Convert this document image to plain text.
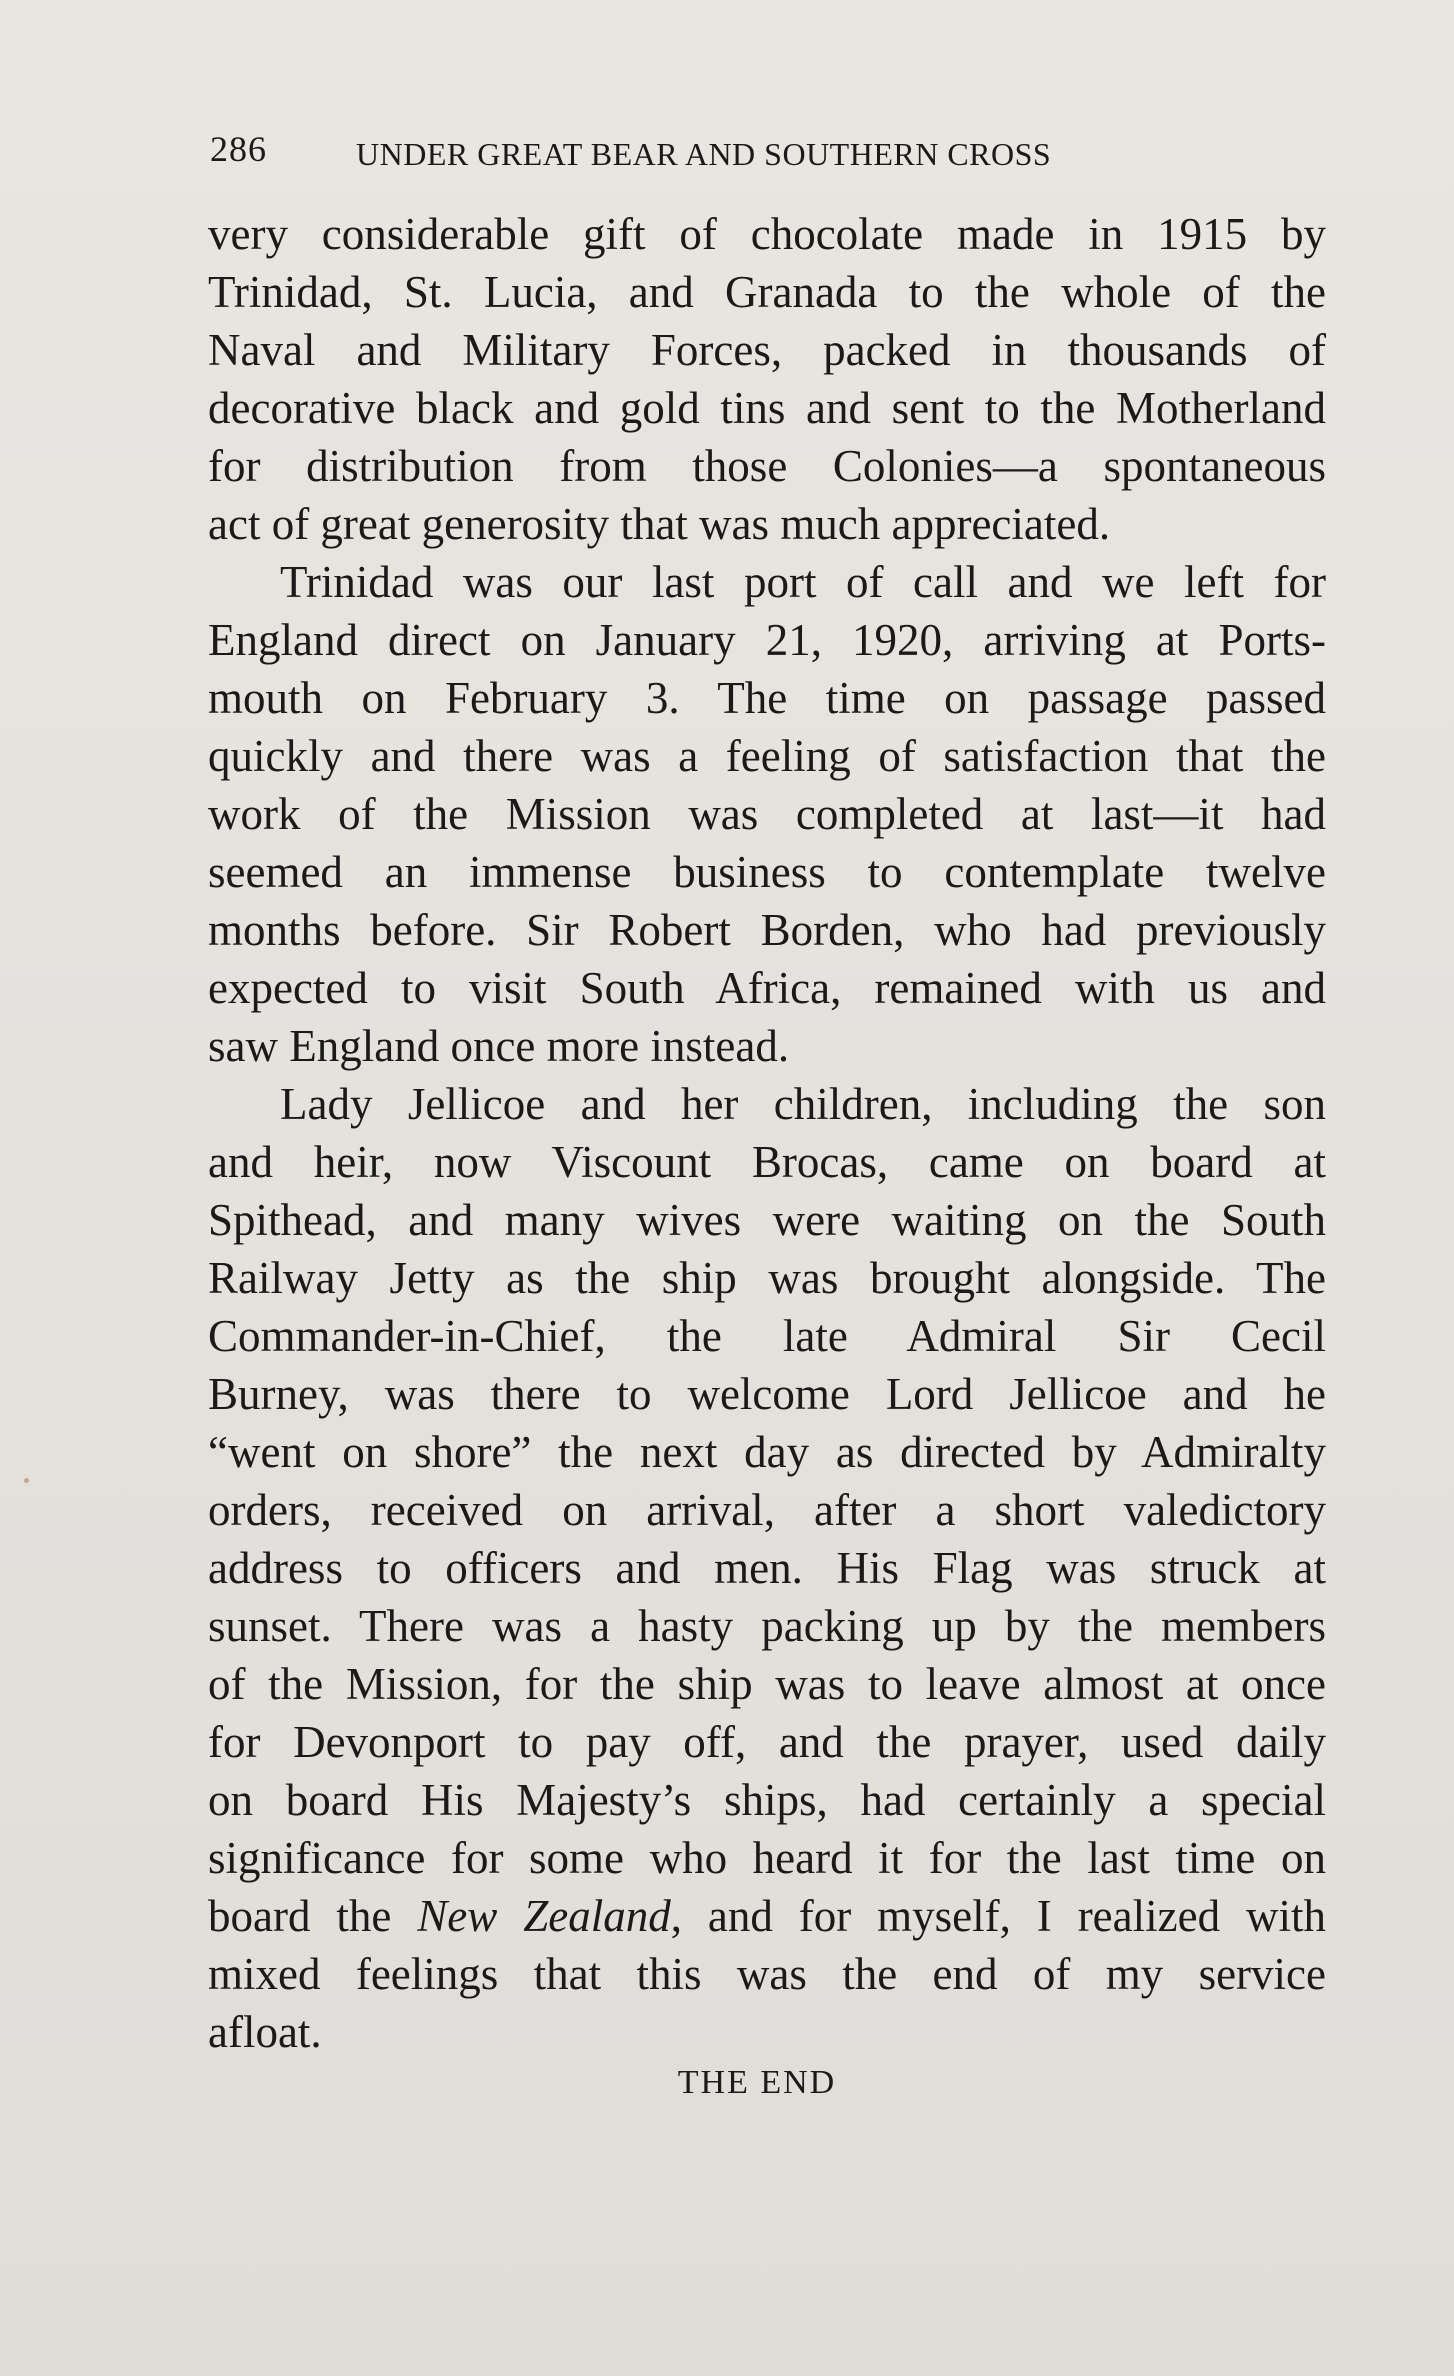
286	UNDER GREAT BEAR AND SOUTHERN CROSS
very considerable gift of chocolate made in 1915 by
Trinidad, St. Lucia, and Granada to the whole of the
Naval and Military Forces, packed in thousands of
decorative black and gold tins and sent to the Motherland
for distribution from those Colonies—a spontaneous
act of great generosity that was much appreciated.
Trinidad was our last port of call and we left for
England direct on January 21, 1920, arriving at Ports-
mouth on February 3. The time on passage passed
quickly and there was a feeling of satisfaction that the
work of the Mission was completed at last—it had
seemed an immense business to contemplate twelve
months before. Sir Robert Borden, who had previously
expected to visit South Africa, remained with us and
saw England once more instead.
Lady Jellicoe and her children, including the son
and heir, now Viscount Brocas, came on board at
Spithead, and many wives were waiting on the South
Railway Jetty as the ship was brought alongside. The
Commander-in-Chief, the late Admiral Sir Cecil
Burney, was there to welcome Lord Jellicoe and he
“went on shore” the next day as directed by Admiralty
orders, received on arrival, after a short valedictory
address to officers and men. His Flag was struck at
sunset. There was a hasty packing up by the members
of the Mission, for the ship was to leave almost at once
for Devonport to pay off, and the prayer, used daily
on board His Majesty’s ships, had certainly a special
significance for some who heard it for the last time on
board the New Zealand, and for myself, I realized with
mixed feelings that this was the end of my service
afloat.
THE END
